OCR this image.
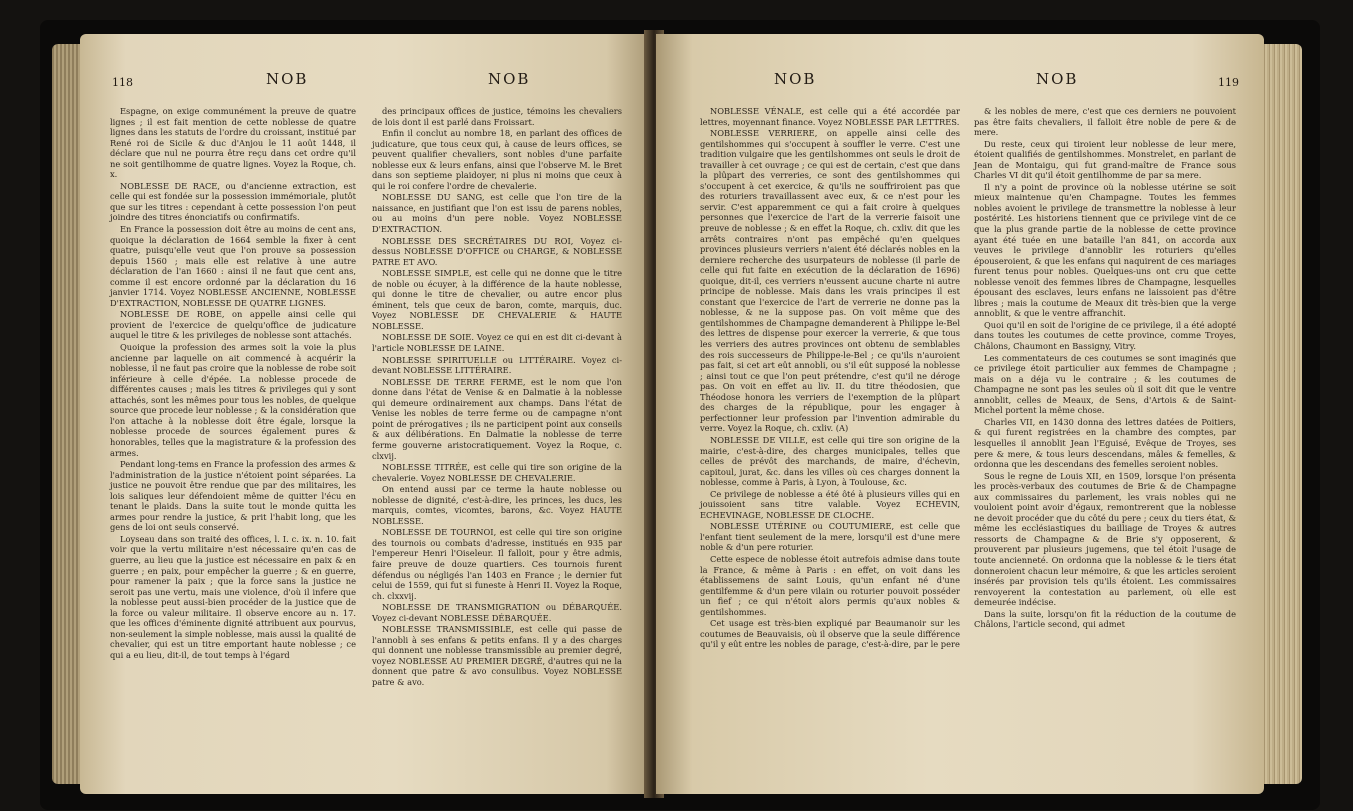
118	NOB	NOB

Espagne, on exige communément la preuve de quatre lignes ; il est fait mention de cette noblesse de quatre lignes dans les statuts de l'ordre du croissant, institué par René roi de Sicile & duc d'Anjou le 11 août 1448, il déclare que nul ne pourra être reçu dans cet ordre qu'il ne soit gentilhomme de quatre lignes. Voyez la Roque, ch. x.

NOBLESSE DE RACE, ou d'ancienne extraction, est celle qui est fondée sur la possession immémoriale, plutôt que sur les titres : cependant à cette possession l'on peut joindre des titres énonciatifs ou confirmatifs.

En France la possession doit être au moins de cent ans, quoique la déclaration de 1664 semble la fixer à cent quatre, puisqu'elle veut que l'on prouve sa possession depuis 1560 ; mais elle est relative à une autre déclaration de l'an 1660 : ainsi il ne faut que cent ans, comme il est encore ordonné par la déclaration du 16 janvier 1714. Voyez NOBLESSE ANCIENNE, NOBLESSE D'EXTRACTION, NOBLESSE DE QUATRE LIGNES.

NOBLESSE DE ROBE, on appelle ainsi celle qui provient de l'exercice de quelqu'office de judicature auquel le titre & les privileges de noblesse sont attachés.

Quoique la profession des armes soit la voie la plus ancienne par laquelle on ait commencé à acquérir la noblesse, il ne faut pas croire que la noblesse de robe soit inférieure à celle d'épée. La noblesse procede de différentes causes ; mais les titres & privileges qui y sont attachés, sont les mêmes pour tous les nobles, de quelque source que procede leur noblesse ; & la considération que l'on attache à la noblesse doit être égale, lorsque la noblesse procede de sources également pures & honorables, telles que la magistrature & la profession des armes.

Pendant long-tems en France la profession des armes & l'administration de la justice n'étoient point séparées. La justice ne pouvoit être rendue que par des militaires, les lois saliques leur défendoient même de quitter l'écu en tenant le plaids. Dans la suite tout le monde quitta les armes pour rendre la justice, & prit l'habit long, que les gens de loi ont seuls conservé.

Loyseau dans son traité des offices, l. I. c. ix. n. 10. fait voir que la vertu militaire n'est nécessaire qu'en cas de guerre, au lieu que la justice est nécessaire en paix & en guerre ; en paix, pour empêcher la guerre ; & en guerre, pour ramener la paix ; que la force sans la justice ne seroit pas une vertu, mais une violence, d'où il infere que la noblesse peut aussi-bien procéder de la justice que de la force ou valeur militaire. Il observe encore au n. 17. que les offices d'éminente dignité attribuent aux pourvus, non-seulement la simple noblesse, mais aussi la qualité de chevalier, qui est un titre emportant haute noblesse ; ce qui a eu lieu, dit-il, de tout temps à l'égard

des principaux offices de justice, témoins les chevaliers de lois dont il est parlé dans Froissart.

Enfin il conclut au nombre 18, en parlant des offices de judicature, que tous ceux qui, à cause de leurs offices, se peuvent qualifier chevaliers, sont nobles d'une parfaite noblesse eux & leurs enfans, ainsi que l'observe M. le Bret dans son septieme plaidoyer, ni plus ni moins que ceux à qui le roi confere l'ordre de chevalerie.

NOBLESSE DU SANG, est celle que l'on tire de la naissance, en justifiant que l'on est issu de parens nobles, ou au moins d'un pere noble. Voyez NOBLESSE D'EXTRACTION.

NOBLESSE DES SECRÉTAIRES DU ROI, Voyez ci-dessus NOBLESSE D'OFFICE ou CHARGE, & NOBLESSE PATRE ET AVO.

NOBLESSE SIMPLE, est celle qui ne donne que le titre de noble ou écuyer, à la différence de la haute noblesse, qui donne le titre de chevalier, ou autre encor plus éminent, tels que ceux de baron, comte, marquis, duc. Voyez NOBLESSE DE CHEVALERIE & HAUTE NOBLESSE.

NOBLESSE DE SOIE. Voyez ce qui en est dit ci-devant à l'article NOBLESSE DE LAINE.

NOBLESSE SPIRITUELLE ou LITTÉRAIRE. Voyez ci-devant NOBLESSE LITTÉRAIRE.

NOBLESSE DE TERRE FERME, est le nom que l'on donne dans l'état de Venise & en Dalmatie à la noblesse qui demeure ordinairement aux champs. Dans l'état de Venise les nobles de terre ferme ou de campagne n'ont point de prérogatives ; ils ne participent point aux conseils & aux délibérations. En Dalmatie la noblesse de terre ferme gouverne aristocratiquement. Voyez la Roque, c. clxvij.

NOBLESSE TITRÉE, est celle qui tire son origine de la chevalerie. Voyez NOBLESSE DE CHEVALERIE.

On entend aussi par ce terme la haute noblesse ou noblesse de dignité, c'est-à-dire, les princes, les ducs, les marquis, comtes, vicomtes, barons, &c. Voyez HAUTE NOBLESSE.

NOBLESSE DE TOURNOI, est celle qui tire son origine des tournois ou combats d'adresse, institués en 935 par l'empereur Henri l'Oiseleur. Il falloit, pour y être admis, faire preuve de douze quartiers. Ces tournois furent défendus ou négligés l'an 1403 en France ; le dernier fut celui de 1559, qui fut si funeste à Henri II. Voyez la Roque, ch. clxxvij.

NOBLESSE DE TRANSMIGRATION ou DÉBARQUÉE. Voyez ci-devant NOBLESSE DÉBARQUÉE.

NOBLESSE TRANSMISSIBLE, est celle qui passe de l'annobli à ses enfans & petits enfans. Il y a des charges qui donnent une noblesse transmissible au premier degré, voyez NOBLESSE AU PREMIER DEGRÉ, d'autres qui ne la donnent que patre & avo consulibus. Voyez NOBLESSE patre & avo.

NOB	NOB	119

NOBLESSE VÉNALE, est celle qui a été accordée par lettres, moyennant finance. Voyez NOBLESSE PAR LETTRES.

NOBLESSE VERRIERE, on appelle ainsi celle des gentilshommes qui s'occupent à souffler le verre. C'est une tradition vulgaire que les gentilshommes ont seuls le droit de travailler à cet ouvrage ; ce qui est de certain, c'est que dans la plûpart des verreries, ce sont des gentilshommes qui s'occupent à cet exercice, & qu'ils ne souffriroient pas que des roturiers travaillassent avec eux, & ce n'est pour les servir. C'est apparemment ce qui a fait croire à quelques personnes que l'exercice de l'art de la verrerie faisoit une preuve de noblesse ; & en effet la Roque, ch. cxliv. dit que les arrêts contraires n'ont pas empêché qu'en quelques provinces plusieurs verriers n'aient été déclarés nobles en la derniere recherche des usurpateurs de noblesse (il parle de celle qui fut faite en exécution de la déclaration de 1696) quoique, dit-il, ces verriers n'eussent aucune charte ni autre principe de noblesse. Mais dans les vrais principes il est constant que l'exercice de l'art de verrerie ne donne pas la noblesse, & ne la suppose pas. On voit même que des gentilshommes de Champagne demanderent à Philippe le-Bel des lettres de dispense pour exercer la verrerie, & que tous les verriers des autres provinces ont obtenu de semblables des rois successeurs de Philippe-le-Bel ; ce qu'ils n'auroient pas fait, si cet art eût annobli, ou s'il eût supposé la noblesse ; ainsi tout ce que l'on peut prétendre, c'est qu'il ne déroge pas. On voit en effet au liv. II. du titre théodosien, que Théodose honora les verriers de l'exemption de la plûpart des charges de la république, pour les engager à perfectionner leur profession par l'invention admirable du verre. Voyez la Roque, ch. cxliv. (A)

NOBLESSE DE VILLE, est celle qui tire son origine de la mairie, c'est-à-dire, des charges municipales, telles que celles de prévôt des marchands, de maire, d'échevin, capitoul, jurat, &c. dans les villes où ces charges donnent la noblesse, comme à Paris, à Lyon, à Toulouse, &c.

Ce privilege de noblesse a été ôté à plusieurs villes qui en jouissoient sans titre valable. Voyez ECHEVIN, ECHEVINAGE, NOBLESSE DE CLOCHE.

NOBLESSE UTÉRINE ou COUTUMIERE, est celle que l'enfant tient seulement de la mere, lorsqu'il est d'une mere noble & d'un pere roturier.

Cette espece de noblesse étoit autrefois admise dans toute la France, & même à Paris : en effet, on voit dans les établissemens de saint Louis, qu'un enfant né d'une gentilfemme & d'un pere vilain ou roturier pouvoit posséder un fief ; ce qui n'étoit alors permis qu'aux nobles & gentilshommes.

Cet usage est très-bien expliqué par Beaumanoir sur les coutumes de Beauvaisis, où il observe que la seule différence qu'il y eût entre les nobles de parage, c'est-à-dire, par le pere

& les nobles de mere, c'est que ces derniers ne pouvoient pas être faits chevaliers, il falloit être noble de pere & de mere.

Du reste, ceux qui tiroient leur noblesse de leur mere, étoient qualifiés de gentilshommes. Monstrelet, en parlant de Jean de Montaigu, qui fut grand-maître de France sous Charles VI dit qu'il étoit gentilhomme de par sa mere.

Il n'y a point de province où la noblesse utérine se soit mieux maintenue qu'en Champagne. Toutes les femmes nobles avoient le privilege de transmettre la noblesse à leur postérité. Les historiens tiennent que ce privilege vint de ce que la plus grande partie de la noblesse de cette province ayant été tuée en une bataille l'an 841, on accorda aux veuves le privilege d'annoblir les roturiers qu'elles épouseroient, & que les enfans qui naquirent de ces mariages furent tenus pour nobles. Quelques-uns ont cru que cette noblesse venoit des femmes libres de Champagne, lesquelles épousant des esclaves, leurs enfans ne laissoient pas d'être libres ; mais la coutume de Meaux dit très-bien que la verge annoblit, & que le ventre affranchit.

Quoi qu'il en soit de l'origine de ce privilege, il a été adopté dans toutes les coutumes de cette province, comme Troyes, Châlons, Chaumont en Bassigny, Vitry.

Les commentateurs de ces coutumes se sont imaginés que ce privilege étoit particulier aux femmes de Champagne ; mais on a déja vu le contraire ; & les coutumes de Champagne ne sont pas les seules où il soit dit que le ventre annoblit, celles de Meaux, de Sens, d'Artois & de Saint-Michel portent la même chose.

Charles VII, en 1430 donna des lettres datées de Poitiers, & qui furent registrées en la chambre des comptes, par lesquelles il annoblit Jean l'Eguisé, Evêque de Troyes, ses pere & mere, & tous leurs descendans, mâles & femelles, & ordonna que les descendans des femelles seroient nobles.

Sous le regne de Louis XII, en 1509, lorsque l'on présenta les procès-verbaux des coutumes de Brie & de Champagne aux commissaires du parlement, les vrais nobles qui ne vouloient point avoir d'égaux, remontrerent que la noblesse ne devoit procéder que du côté du pere ; ceux du tiers état, & même les ecclésiastiques du bailliage de Troyes & autres ressorts de Champagne & de Brie s'y opposerent, & prouverent par plusieurs jugemens, que tel étoit l'usage de toute ancienneté. On ordonna que la noblesse & le tiers état donneroient chacun leur mémoire, & que les articles seroient insérés par provision tels qu'ils étoient. Les commissaires renvoyerent la contestation au parlement, où elle est demeurée indécise.

Dans la suite, lorsqu'on fit la réduction de la coutume de Châlons, l'article second, qui admet
